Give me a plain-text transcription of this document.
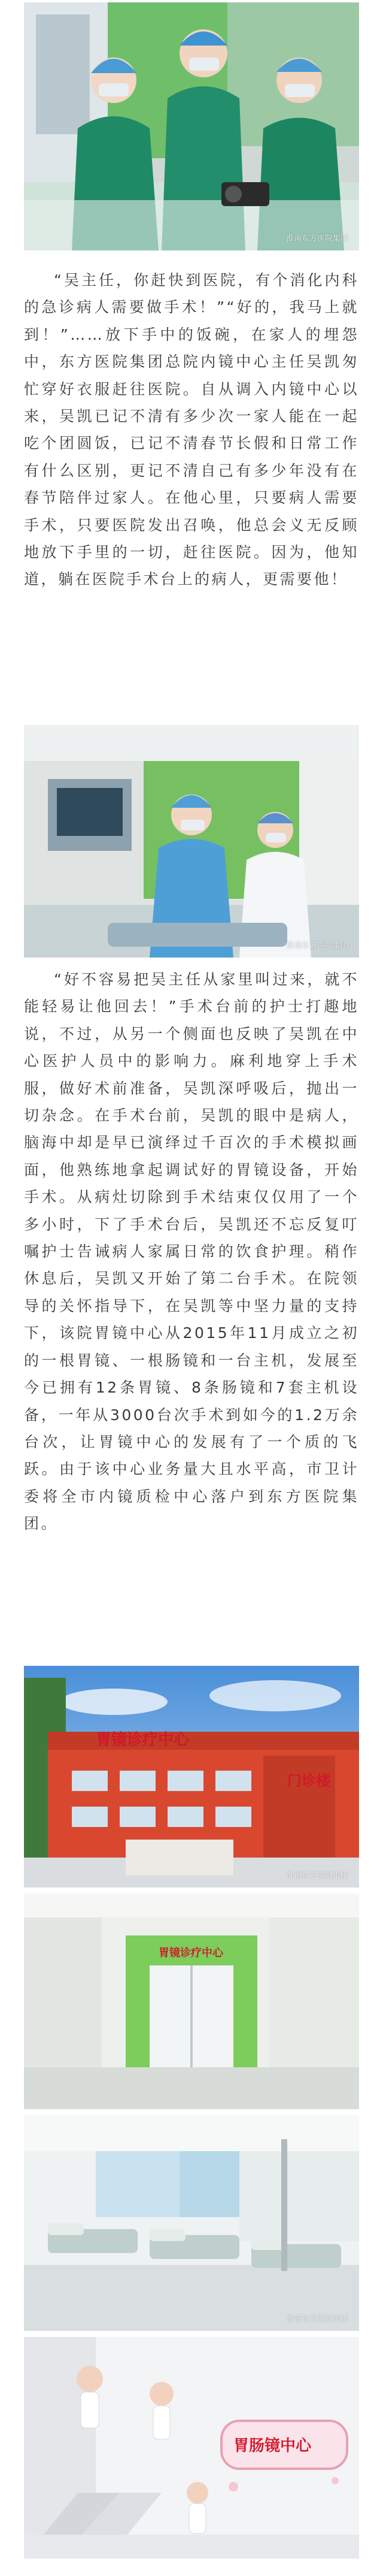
淮南东方医院集团

“吴主任，你赶快到医院，有个消化内科的急诊病人需要做手术！”“好的，我马上就到！”……放下手中的饭碗，在家人的埋怨中，东方医院集团总院内镜中心主任吴凯匆忙穿好衣服赶往医院。自从调入内镜中心以来，吴凯已记不清有多少次一家人能在一起吃个团圆饭，已记不清春节长假和日常工作有什么区别，更记不清自己有多少年没有在春节陪伴过家人。在他心里，只要病人需要手术，只要医院发出召唤，他总会义无反顾地放下手里的一切，赶往医院。因为，他知道，躺在医院手术台上的病人，更需要他！

淮南东方医院集团

“好不容易把吴主任从家里叫过来，就不能轻易让他回去！”手术台前的护士打趣地说，不过，从另一个侧面也反映了吴凯在中心医护人员中的影响力。麻利地穿上手术服，做好术前准备，吴凯深呼吸后，抛出一切杂念。在手术台前，吴凯的眼中是病人，脑海中却是早已演绎过千百次的手术模拟画面，他熟练地拿起调试好的胃镜设备，开始手术。从病灶切除到手术结束仅仅用了一个多小时，下了手术台后，吴凯还不忘反复叮嘱护士告诫病人家属日常的饮食护理。稍作休息后，吴凯又开始了第二台手术。在院领导的关怀指导下，在吴凯等中坚力量的支持下，该院胃镜中心从2015年11月成立之初的一根胃镜、一根肠镜和一台主机，发展至今已拥有12条胃镜、8条肠镜和7套主机设备，一年从3000台次手术到如今的1.2万余台次，让胃镜中心的发展有了一个质的飞跃。由于该中心业务量大且水平高，市卫计委将全市内镜质检中心落户到东方医院集团。

胃镜诊疗中心
门诊楼
淮南东方医院集团
胃镜诊疗中心
淮南东方医院集团
胃肠镜中心
